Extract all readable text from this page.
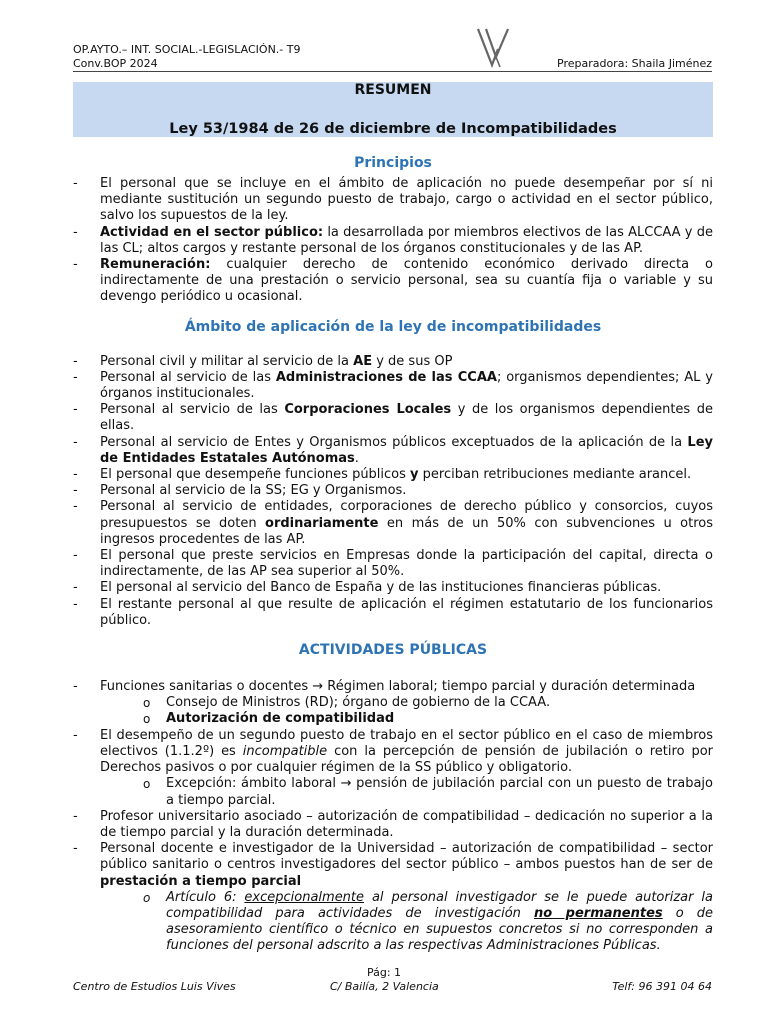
OP.AYTO.– INT. SOCIAL.-LEGISLACIÓN.- T9
Conv.BOP 2024	Preparadora: Shaila Jiménez
RESUMEN
Ley 53/1984 de 26 de diciembre de Incompatibilidades
Principios
- El personal que se incluye en el ámbito de aplicación no puede desempeñar por sí ni mediante sustitución un segundo puesto de trabajo, cargo o actividad en el sector público, salvo los supuestos de la ley.
- Actividad en el sector público: la desarrollada por miembros electivos de las ALCCAA y de las CL; altos cargos y restante personal de los órganos constitucionales y de las AP.
- Remuneración: cualquier derecho de contenido económico derivado directa o indirectamente de una prestación o servicio personal, sea su cuantía fija o variable y su devengo periódico u ocasional.
Ámbito de aplicación de la ley de incompatibilidades
- Personal civil y militar al servicio de la AE y de sus OP
- Personal al servicio de las Administraciones de las CCAA; organismos dependientes; AL y órganos institucionales.
- Personal al servicio de las Corporaciones Locales y de los organismos dependientes de ellas.
- Personal al servicio de Entes y Organismos públicos exceptuados de la aplicación de la Ley de Entidades Estatales Autónomas.
- El personal que desempeñe funciones públicos y perciban retribuciones mediante arancel.
- Personal al servicio de la SS; EG y Organismos.
- Personal al servicio de entidades, corporaciones de derecho público y consorcios, cuyos presupuestos se doten ordinariamente en más de un 50% con subvenciones u otros ingresos procedentes de las AP.
- El personal que preste servicios en Empresas donde la participación del capital, directa o indirectamente, de las AP sea superior al 50%.
- El personal al servicio del Banco de España y de las instituciones financieras públicas.
- El restante personal al que resulte de aplicación el régimen estatutario de los funcionarios público.
ACTIVIDADES PÚBLICAS
- Funciones sanitarias o docentes → Régimen laboral; tiempo parcial y duración determinada
o Consejo de Ministros (RD); órgano de gobierno de la CCAA.
o Autorización de compatibilidad
- El desempeño de un segundo puesto de trabajo en el sector público en el caso de miembros electivos (1.1.2º) es incompatible con la percepción de pensión de jubilación o retiro por Derechos pasivos o por cualquier régimen de la SS público y obligatorio.
o Excepción: ámbito laboral → pensión de jubilación parcial con un puesto de trabajo a tiempo parcial.
- Profesor universitario asociado – autorización de compatibilidad – dedicación no superior a la de tiempo parcial y la duración determinada.
- Personal docente e investigador de la Universidad – autorización de compatibilidad – sector público sanitario o centros investigadores del sector público – ambos puestos han de ser de prestación a tiempo parcial
o Artículo 6: excepcionalmente al personal investigador se le puede autorizar la compatibilidad para actividades de investigación no permanentes o de asesoramiento científico o técnico en supuestos concretos si no corresponden a funciones del personal adscrito a las respectivas Administraciones Públicas.
Pág: 1
Centro de Estudios Luis Vives	C/ Bailía, 2 Valencia	Telf: 96 391 04 64
